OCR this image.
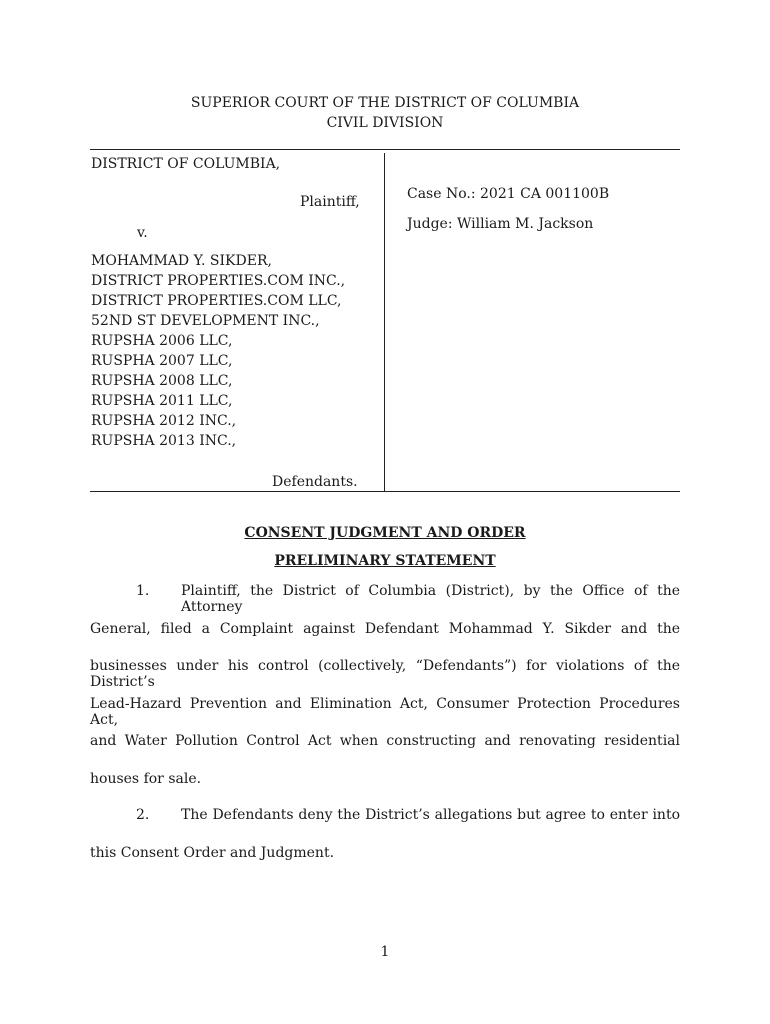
SUPERIOR COURT OF THE DISTRICT OF COLUMBIA
CIVIL DIVISION
DISTRICT OF COLUMBIA,
Plaintiff,
v.
MOHAMMAD Y. SIKDER,
DISTRICT PROPERTIES.COM INC.,
DISTRICT PROPERTIES.COM LLC,
52ND ST DEVELOPMENT INC.,
RUPSHA 2006 LLC,
RUSPHA 2007 LLC,
RUPSHA 2008 LLC,
RUPSHA 2011 LLC,
RUPSHA 2012 INC.,
RUPSHA 2013 INC.,
Defendants.
Case No.: 2021 CA 001100B
Judge: William M. Jackson
CONSENT JUDGMENT AND ORDER
PRELIMINARY STATEMENT
1. Plaintiff, the District of Columbia (District), by the Office of the Attorney
General, filed a Complaint against Defendant Mohammad Y. Sikder and the
businesses under his control (collectively, “Defendants”) for violations of the District’s
Lead-Hazard Prevention and Elimination Act, Consumer Protection Procedures Act,
and Water Pollution Control Act when constructing and renovating residential
houses for sale.
2. The Defendants deny the District’s allegations but agree to enter into
this Consent Order and Judgment.
1
